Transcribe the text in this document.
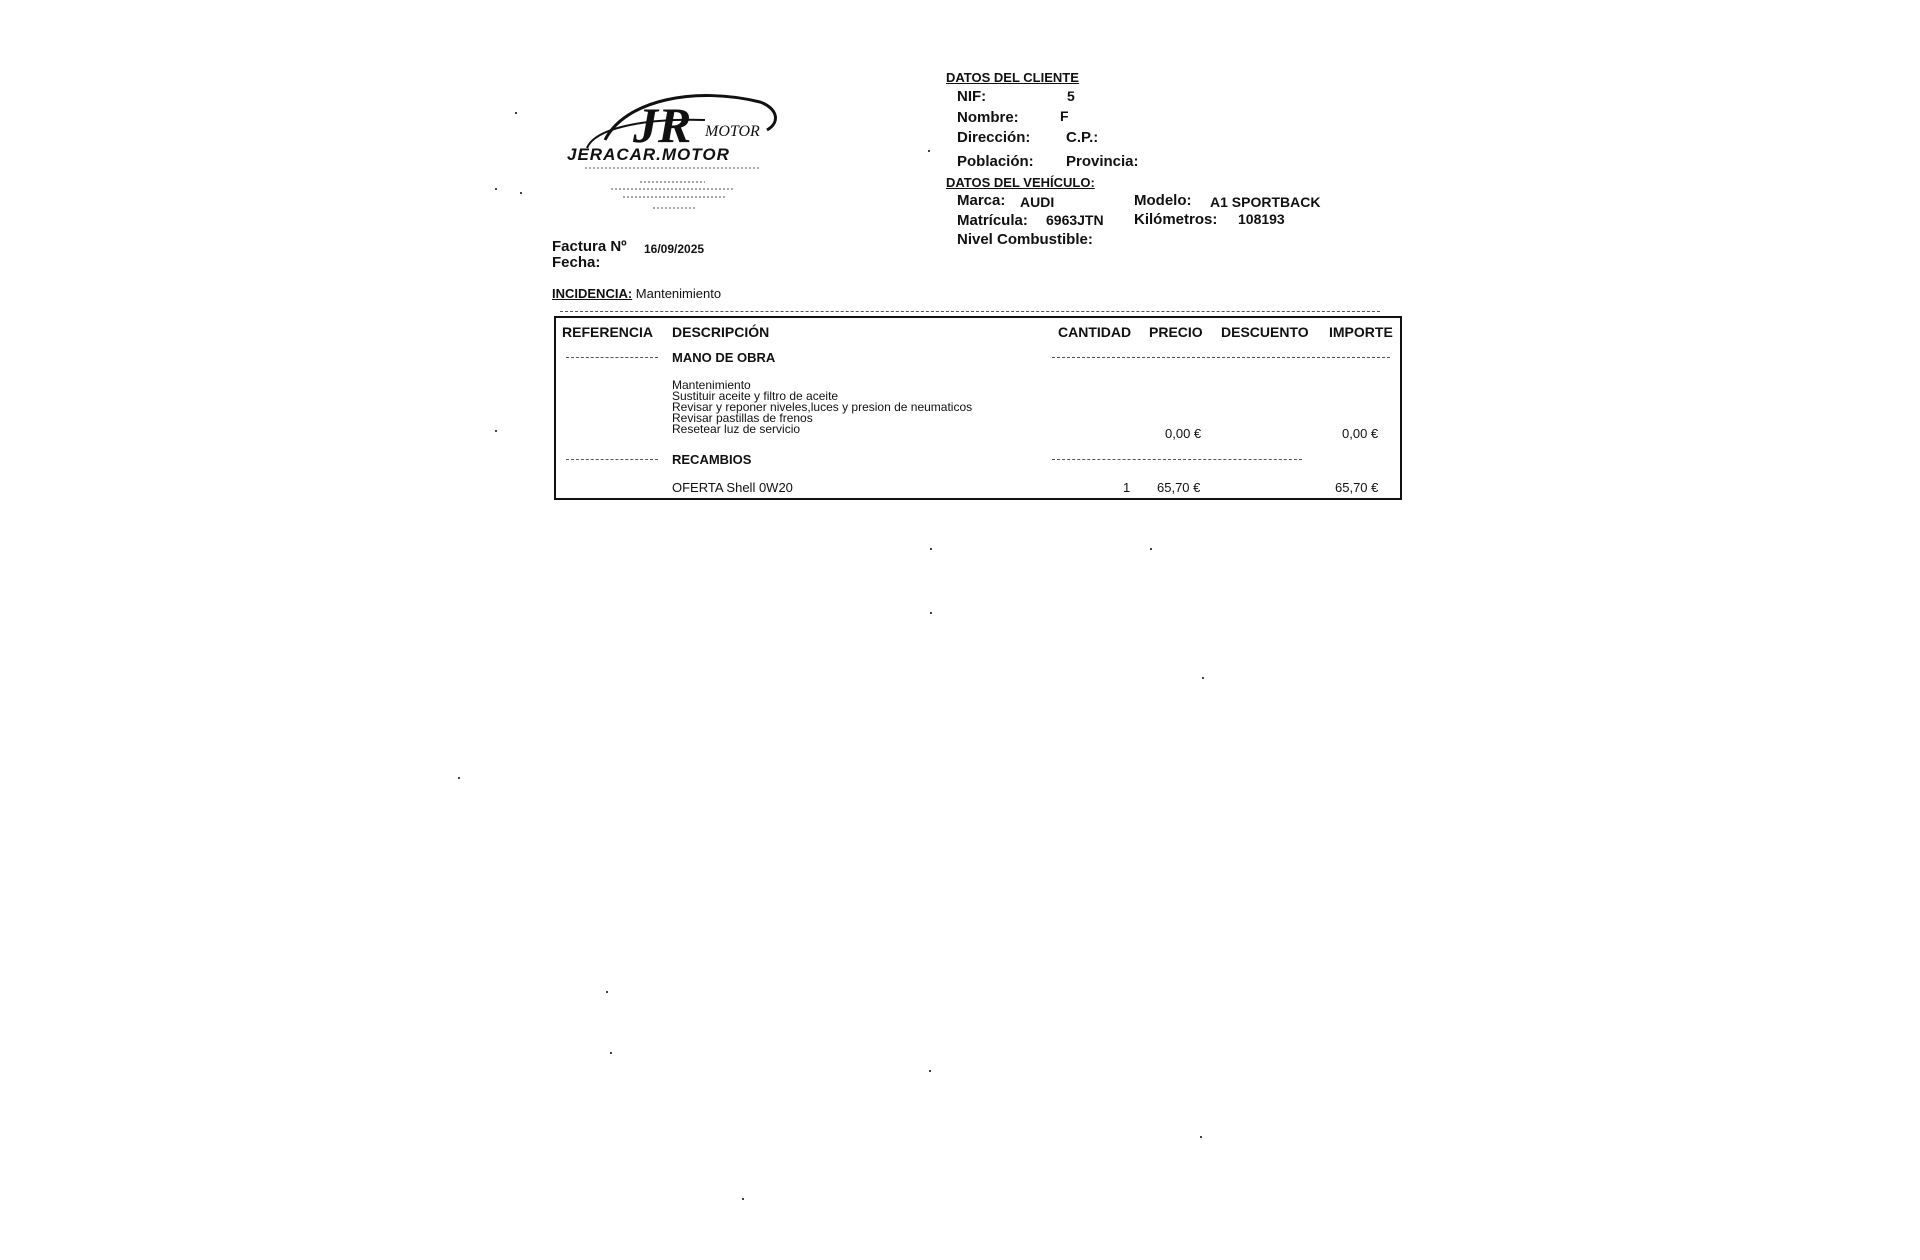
JR MOTOR
JERACAR.MOTOR
DATOS DEL CLIENTE
NIF:	5
Nombre:	F
Dirección: C.P.:
Población: Provincia:
DATOS DEL VEHÍCULO:
Marca: AUDI	Modelo: A1 SPORTBACK
Matrícula: 6963JTN Kilómetros: 108193
Nivel Combustible:
Factura Nº 16/09/2025
Fecha:
INCIDENCIA: Mantenimiento
REFERENCIA DESCRIPCIÓN	CANTIDAD PRECIO DESCUENTO IMPORTE
MANO DE OBRA
Mantenimiento
Sustituir aceite y filtro de aceite
Revisar y reponer niveles,luces y presion de neumaticos
Revisar pastillas de frenos
Resetear luz de servicio	0,00 €	0,00 €
RECAMBIOS
OFERTA Shell 0W20	1 65,70 €	65,70 €
